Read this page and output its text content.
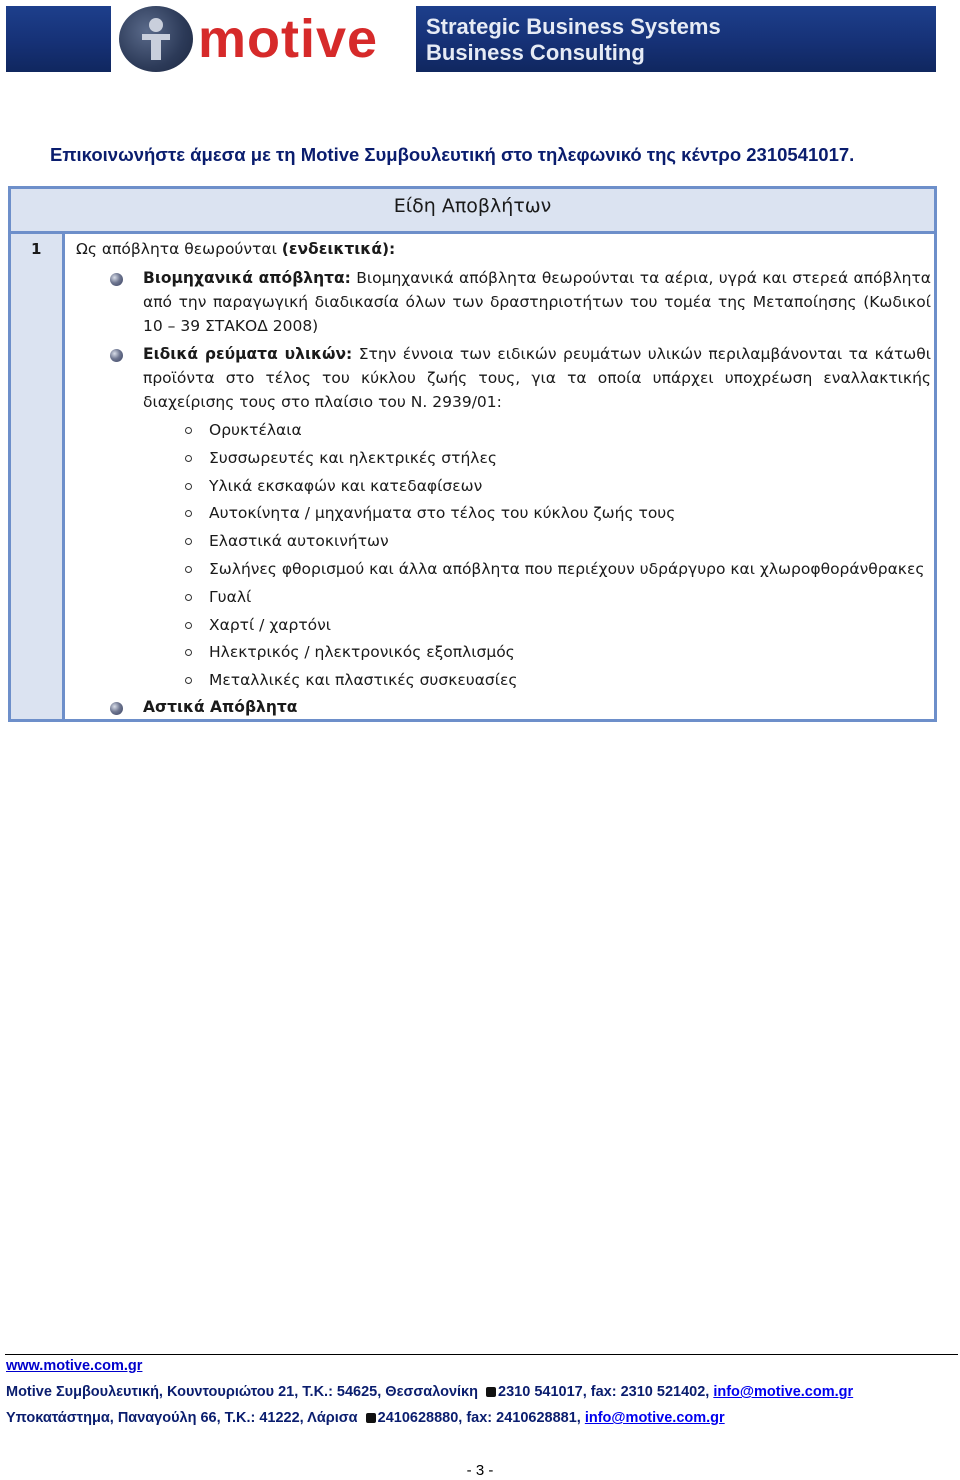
motive Strategic Business Systems
Business Consulting
Επικοινωνήστε άμεσα με τη Motive Συμβουλευτική στο τηλεφωνικό της κέντρο 2310541017.
Είδη Αποβλήτων
1 Ως απόβλητα θεωρούνται (ενδεικτικά):
Βιομηχανικά απόβλητα: Βιομηχανικά απόβλητα θεωρούνται τα αέρια, υγρά και στερεά απόβλητα από την παραγωγική διαδικασία όλων των δραστηριοτήτων του τομέα της Μεταποίησης (Κωδικοί 10 – 39 ΣΤΑΚΟΔ 2008)
Ειδικά ρεύματα υλικών: Στην έννοια των ειδικών ρευμάτων υλικών περιλαμβάνονται τα κάτωθι προϊόντα στο τέλος του κύκλου ζωής τους, για τα οποία υπάρχει υποχρέωση εναλλακτικής διαχείρισης τους στο πλαίσιο του Ν. 2939/01:
Ορυκτέλαια
Συσσωρευτές και ηλεκτρικές στήλες
Υλικά εκσκαφών και κατεδαφίσεων
Αυτοκίνητα / μηχανήματα στο τέλος του κύκλου ζωής τους
Ελαστικά αυτοκινήτων
Σωλήνες φθορισμού και άλλα απόβλητα που περιέχουν υδράργυρο και χλωροφθοράνθρακες
Γυαλί
Χαρτί / χαρτόνι
Ηλεκτρικός / ηλεκτρονικός εξοπλισμός
Μεταλλικές και πλαστικές συσκευασίες
Αστικά Απόβλητα
www.motive.com.gr
Motive Συμβουλευτική, Κουντουριώτου 21, Τ.Κ.: 54625, Θεσσαλονίκη 2310 541017, fax: 2310 521402, info@motive.com.gr
Υποκατάστημα, Παναγούλη 66, Τ.Κ.: 41222, Λάρισα 2410628880, fax: 2410628881, info@motive.com.gr
- 3 -
